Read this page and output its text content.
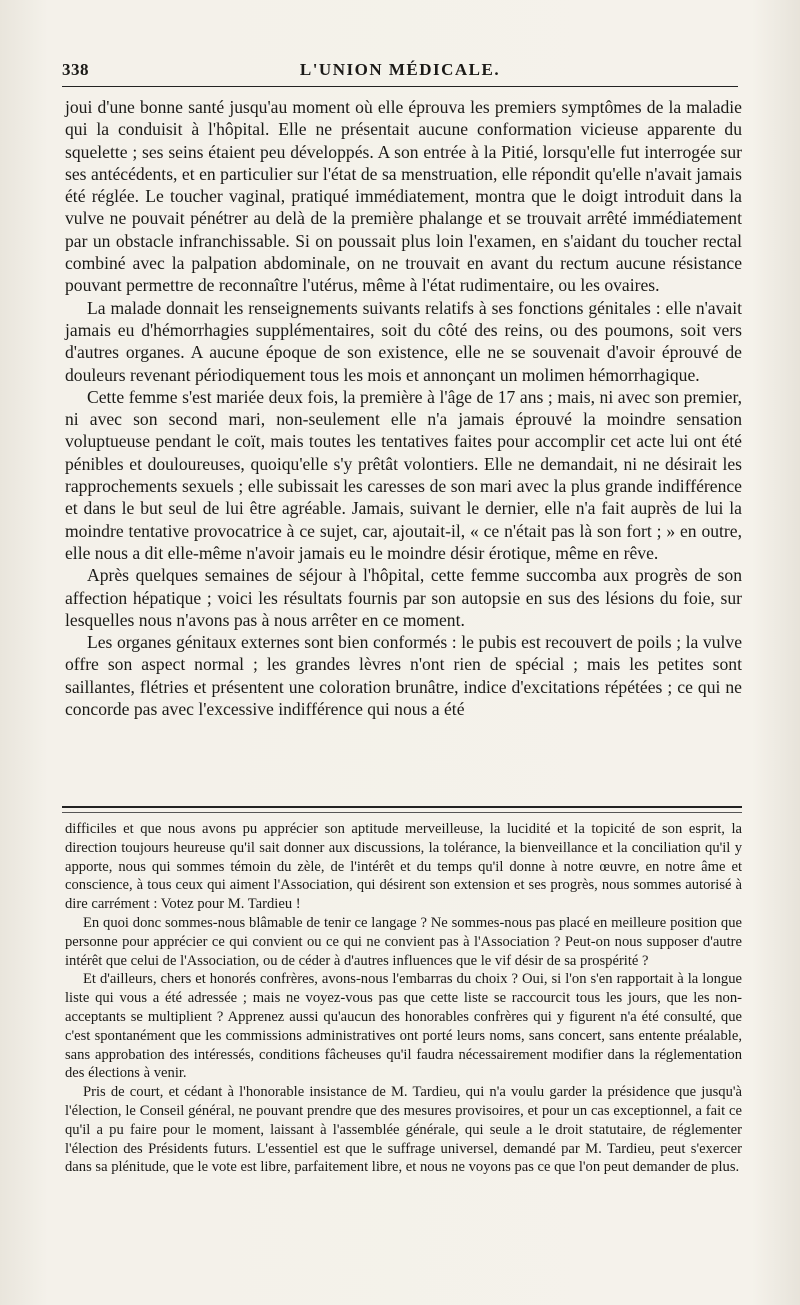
338	L'UNION MÉDICALE.

joui d'une bonne santé jusqu'au moment où elle éprouva les premiers symptômes de la maladie qui la conduisit à l'hôpital. Elle ne présentait aucune conformation vicieuse apparente du squelette ; ses seins étaient peu développés. A son entrée à la Pitié, lorsqu'elle fut interrogée sur ses antécédents, et en particulier sur l'état de sa menstruation, elle répondit qu'elle n'avait jamais été réglée. Le toucher vaginal, pratiqué immédiatement, montra que le doigt introduit dans la vulve ne pouvait pénétrer au delà de la première phalange et se trouvait arrêté immédiatement par un obstacle infranchissable. Si on poussait plus loin l'examen, en s'aidant du toucher rectal combiné avec la palpation abdominale, on ne trouvait en avant du rectum aucune résistance pouvant permettre de reconnaître l'utérus, même à l'état rudimentaire, ou les ovaires.

La malade donnait les renseignements suivants relatifs à ses fonctions génitales : elle n'avait jamais eu d'hémorrhagies supplémentaires, soit du côté des reins, ou des poumons, soit vers d'autres organes. A aucune époque de son existence, elle ne se souvenait d'avoir éprouvé de douleurs revenant périodiquement tous les mois et annonçant un molimen hémorrhagique.

Cette femme s'est mariée deux fois, la première à l'âge de 17 ans ; mais, ni avec son premier, ni avec son second mari, non-seulement elle n'a jamais éprouvé la moindre sensation voluptueuse pendant le coït, mais toutes les tentatives faites pour accomplir cet acte lui ont été pénibles et douloureuses, quoiqu'elle s'y prêtât volontiers. Elle ne demandait, ni ne désirait les rapprochements sexuels ; elle subissait les caresses de son mari avec la plus grande indifférence et dans le but seul de lui être agréable. Jamais, suivant le dernier, elle n'a fait auprès de lui la moindre tentative provocatrice à ce sujet, car, ajoutait-il, « ce n'était pas là son fort ; » en outre, elle nous a dit elle-même n'avoir jamais eu le moindre désir érotique, même en rêve.

Après quelques semaines de séjour à l'hôpital, cette femme succomba aux progrès de son affection hépatique ; voici les résultats fournis par son autopsie en sus des lésions du foie, sur lesquelles nous n'avons pas à nous arrêter en ce moment.

Les organes génitaux externes sont bien conformés : le pubis est recouvert de poils ; la vulve offre son aspect normal ; les grandes lèvres n'ont rien de spécial ; mais les petites sont saillantes, flétries et présentent une coloration brunâtre, indice d'excitations répétées ; ce qui ne concorde pas avec l'excessive indifférence qui nous a été

difficiles et que nous avons pu apprécier son aptitude merveilleuse, la lucidité et la topicité de son esprit, la direction toujours heureuse qu'il sait donner aux discussions, la tolérance, la bienveillance et la conciliation qu'il y apporte, nous qui sommes témoin du zèle, de l'intérêt et du temps qu'il donne à notre œuvre, en notre âme et conscience, à tous ceux qui aiment l'Association, qui désirent son extension et ses progrès, nous sommes autorisé à dire carrément : Votez pour M. Tardieu !

En quoi donc sommes-nous blâmable de tenir ce langage ? Ne sommes-nous pas placé en meilleure position que personne pour apprécier ce qui convient ou ce qui ne convient pas à l'Association ? Peut-on nous supposer d'autre intérêt que celui de l'Association, ou de céder à d'autres influences que le vif désir de sa prospérité ?

Et d'ailleurs, chers et honorés confrères, avons-nous l'embarras du choix ? Oui, si l'on s'en rapportait à la longue liste qui vous a été adressée ; mais ne voyez-vous pas que cette liste se raccourcit tous les jours, que les non-acceptants se multiplient ? Apprenez aussi qu'aucun des honorables confrères qui y figurent n'a été consulté, que c'est spontanément que les commissions administratives ont porté leurs noms, sans concert, sans entente préalable, sans approbation des intéressés, conditions fâcheuses qu'il faudra nécessairement modifier dans la réglementation des élections à venir.

Pris de court, et cédant à l'honorable insistance de M. Tardieu, qui n'a voulu garder la présidence que jusqu'à l'élection, le Conseil général, ne pouvant prendre que des mesures provisoires, et pour un cas exceptionnel, a fait ce qu'il a pu faire pour le moment, laissant à l'assemblée générale, qui seule a le droit statutaire, de réglementer l'élection des Présidents futurs. L'essentiel est que le suffrage universel, demandé par M. Tardieu, peut s'exercer dans sa plénitude, que le vote est libre, parfaitement libre, et nous ne voyons pas ce que l'on peut demander de plus.
